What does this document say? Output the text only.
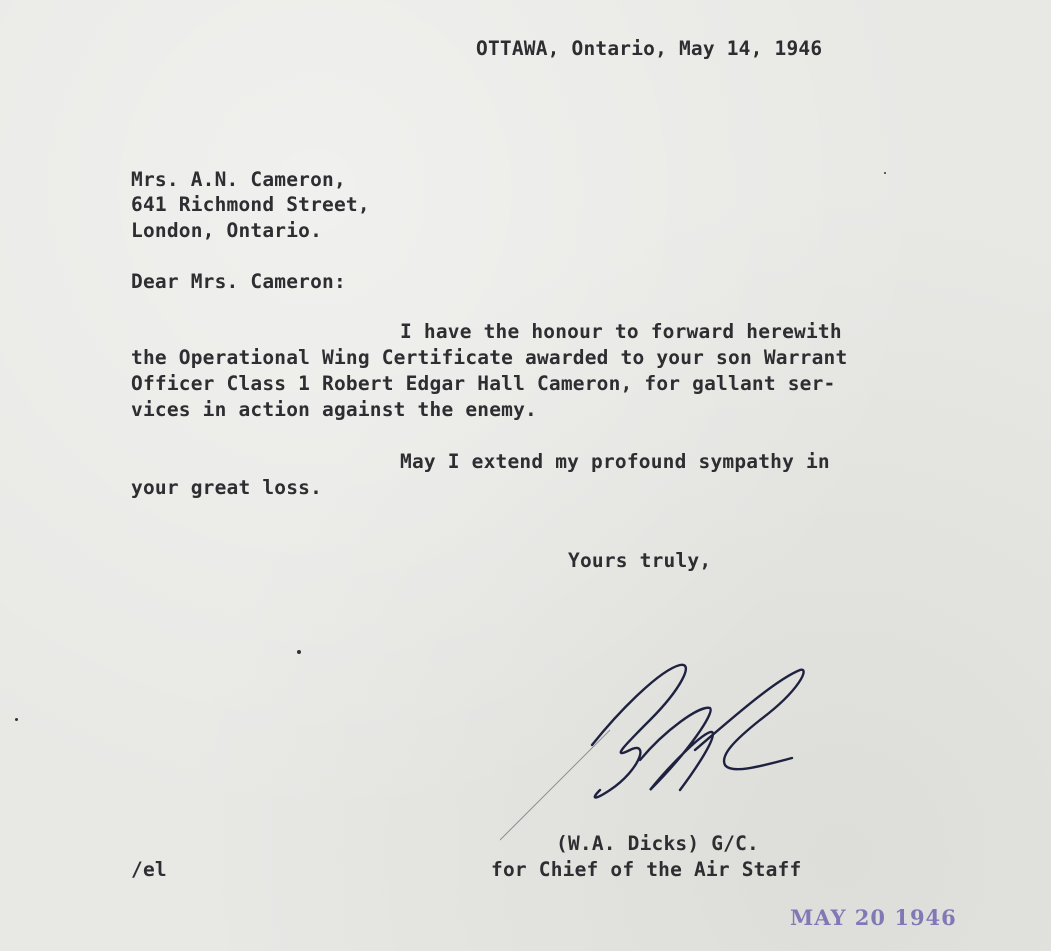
OTTAWA, Ontario, May 14, 1946
Mrs. A.N. Cameron,
641 Richmond Street,
London, Ontario.
Dear Mrs. Cameron:
I have the honour to forward herewith
the Operational Wing Certificate awarded to your son Warrant
Officer Class 1 Robert Edgar Hall Cameron, for gallant ser-
vices in action against the enemy.
May I extend my profound sympathy in
your great loss.
Yours truly,
(W.A. Dicks) G/C.
/el	for Chief of the Air Staff
MAY 20 1946
